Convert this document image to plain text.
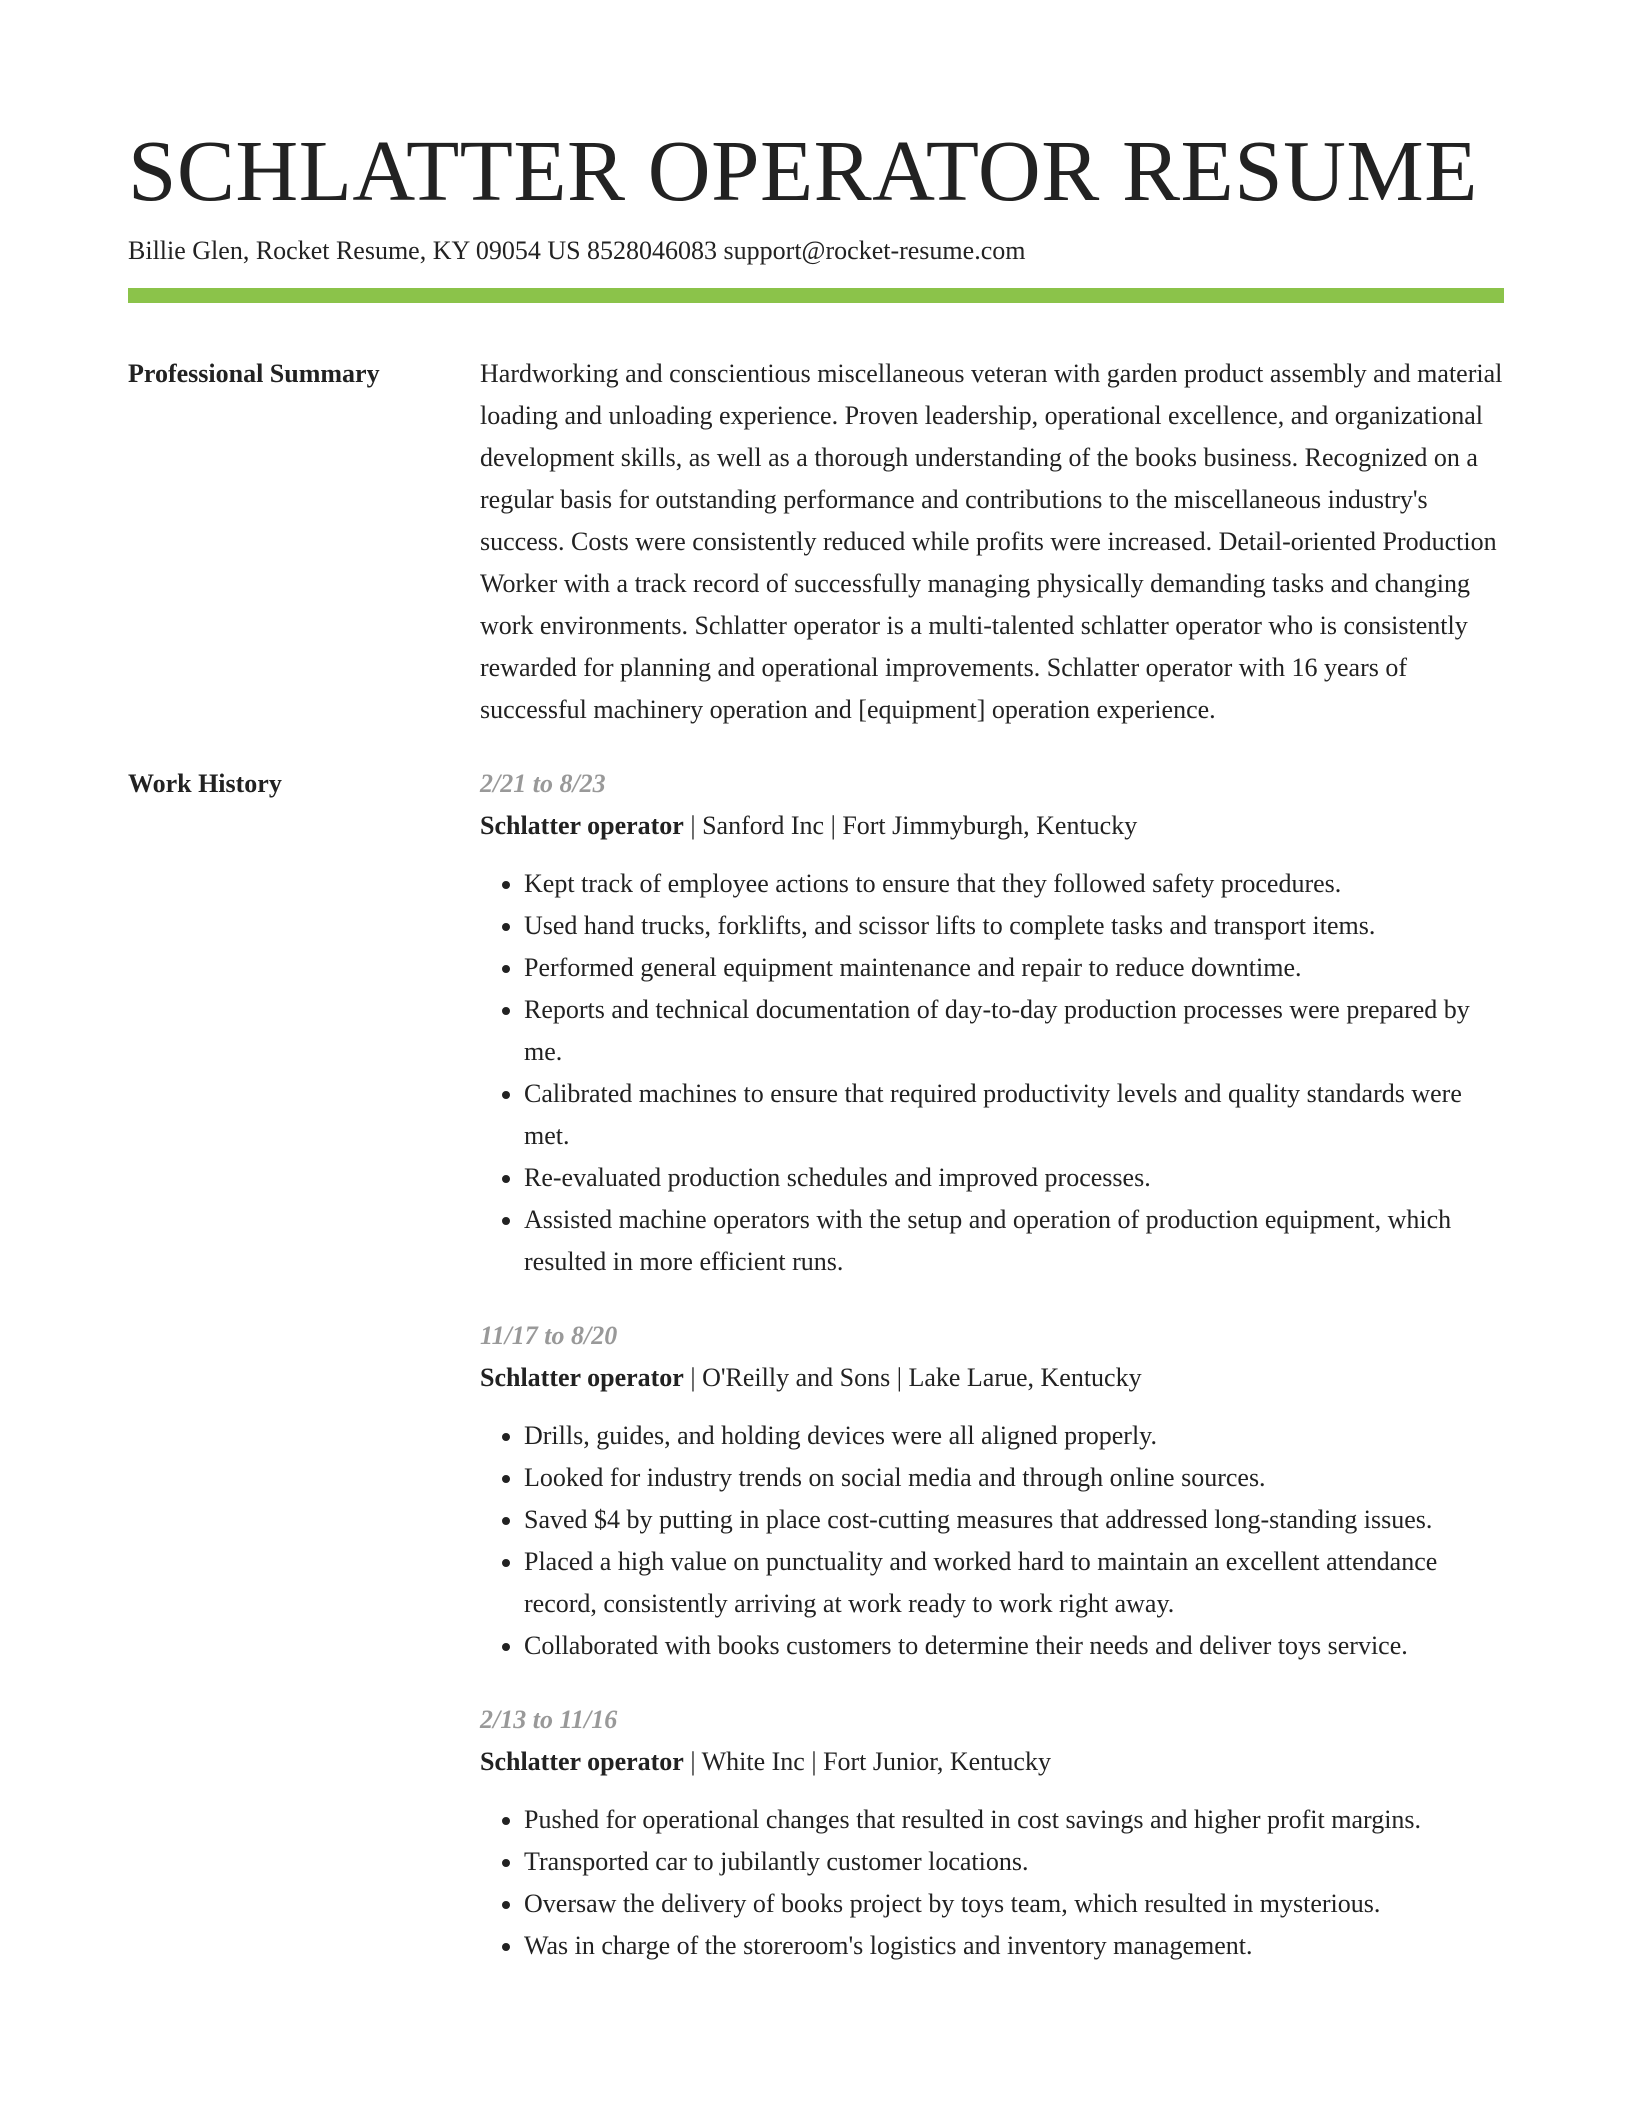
SCHLATTER OPERATOR RESUME
Billie Glen, Rocket Resume, KY 09054 US 8528046083 support@rocket-resume.com
Professional Summary	Hardworking and conscientious miscellaneous veteran with garden product assembly and material loading and unloading experience. Proven leadership, operational excellence, and organizational development skills, as well as a thorough understanding of the books business. Recognized on a regular basis for outstanding performance and contributions to the miscellaneous industry's success. Costs were consistently reduced while profits were increased. Detail-oriented Production Worker with a track record of successfully managing physically demanding tasks and changing work environments. Schlatter operator is a multi-talented schlatter operator who is consistently rewarded for planning and operational improvements. Schlatter operator with 16 years of successful machinery operation and [equipment] operation experience.

Work History	2/21 to 8/23
Schlatter operator | Sanford Inc | Fort Jimmyburgh, Kentucky
• Kept track of employee actions to ensure that they followed safety procedures.
• Used hand trucks, forklifts, and scissor lifts to complete tasks and transport items.
• Performed general equipment maintenance and repair to reduce downtime.
• Reports and technical documentation of day-to-day production processes were prepared by me.
• Calibrated machines to ensure that required productivity levels and quality standards were met.
• Re-evaluated production schedules and improved processes.
• Assisted machine operators with the setup and operation of production equipment, which resulted in more efficient runs.
11/17 to 8/20
Schlatter operator | O'Reilly and Sons | Lake Larue, Kentucky
• Drills, guides, and holding devices were all aligned properly.
• Looked for industry trends on social media and through online sources.
• Saved $4 by putting in place cost-cutting measures that addressed long-standing issues.
• Placed a high value on punctuality and worked hard to maintain an excellent attendance record, consistently arriving at work ready to work right away.
• Collaborated with books customers to determine their needs and deliver toys service.
2/13 to 11/16
Schlatter operator | White Inc | Fort Junior, Kentucky
• Pushed for operational changes that resulted in cost savings and higher profit margins.
• Transported car to jubilantly customer locations.
• Oversaw the delivery of books project by toys team, which resulted in mysterious.
• Was in charge of the storeroom's logistics and inventory management.
